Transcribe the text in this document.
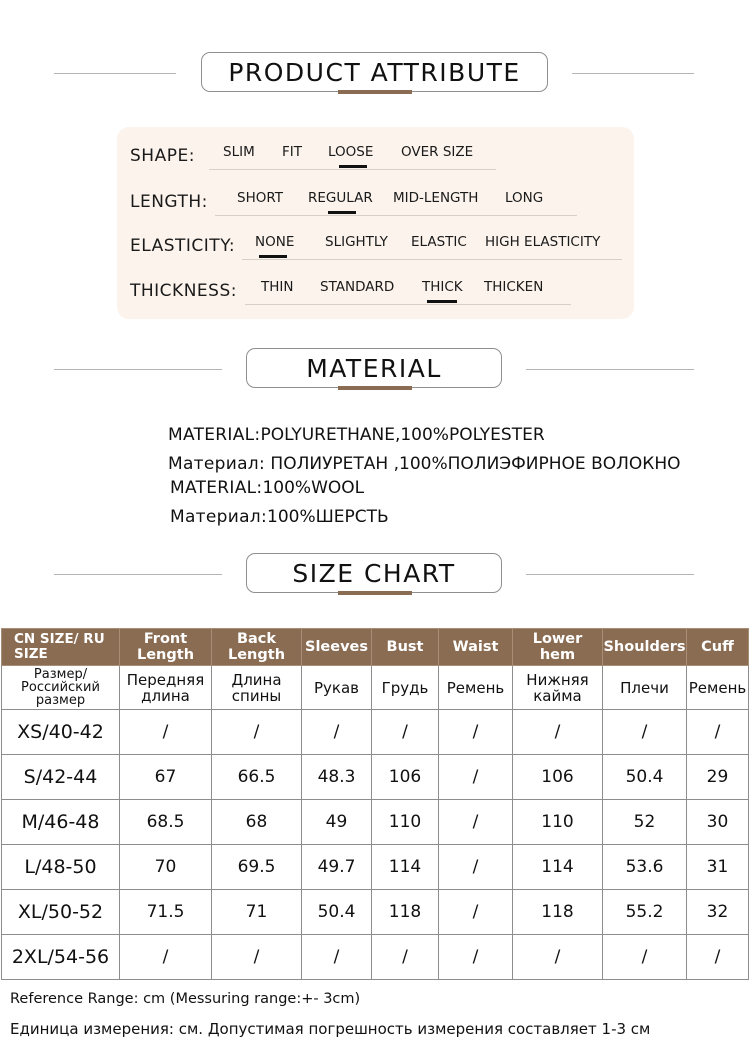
PRODUCT ATTRIBUTE
SHAPE: SLIM FIT LOOSE OVER SIZE
LENGTH: SHORT REGULAR MID-LENGTH LONG
ELASTICITY: NONE SLIGHTLY ELASTIC HIGH ELASTICITY
THICKNESS: THIN STANDARD THICK THICKEN
MATERIAL
MATERIAL:POLYURETHANE,100%POLYESTER
Материал: ПОЛИУРЕТАН ,100%ПОЛИЭФИРНОЕ ВОЛОКНО
MATERIAL:100%WOOL
Материал:100%ШЕРСТЬ
SIZE CHART
CN SIZE/ RU SIZE	Front Length	Back Length	Sleeves	Bust	Waist	Lower hem	Shoulders	Cuff
Размер/ Российский размер	Передняя длина	Длина спины	Рукав	Грудь	Ремень	Нижняя кайма	Плечи	Ремень
XS/40-42	/	/	/	/	/	/	/	/
S/42-44	67	66.5	48.3	106	/	106	50.4	29
M/46-48	68.5	68	49	110	/	110	52	30
L/48-50	70	69.5	49.7	114	/	114	53.6	31
XL/50-52	71.5	71	50.4	118	/	118	55.2	32
2XL/54-56	/	/	/	/	/	/	/	/
Reference Range: cm (Messuring range:+- 3cm)
Единица измерения: см. Допустимая погрешность измерения составляет 1-3 см
